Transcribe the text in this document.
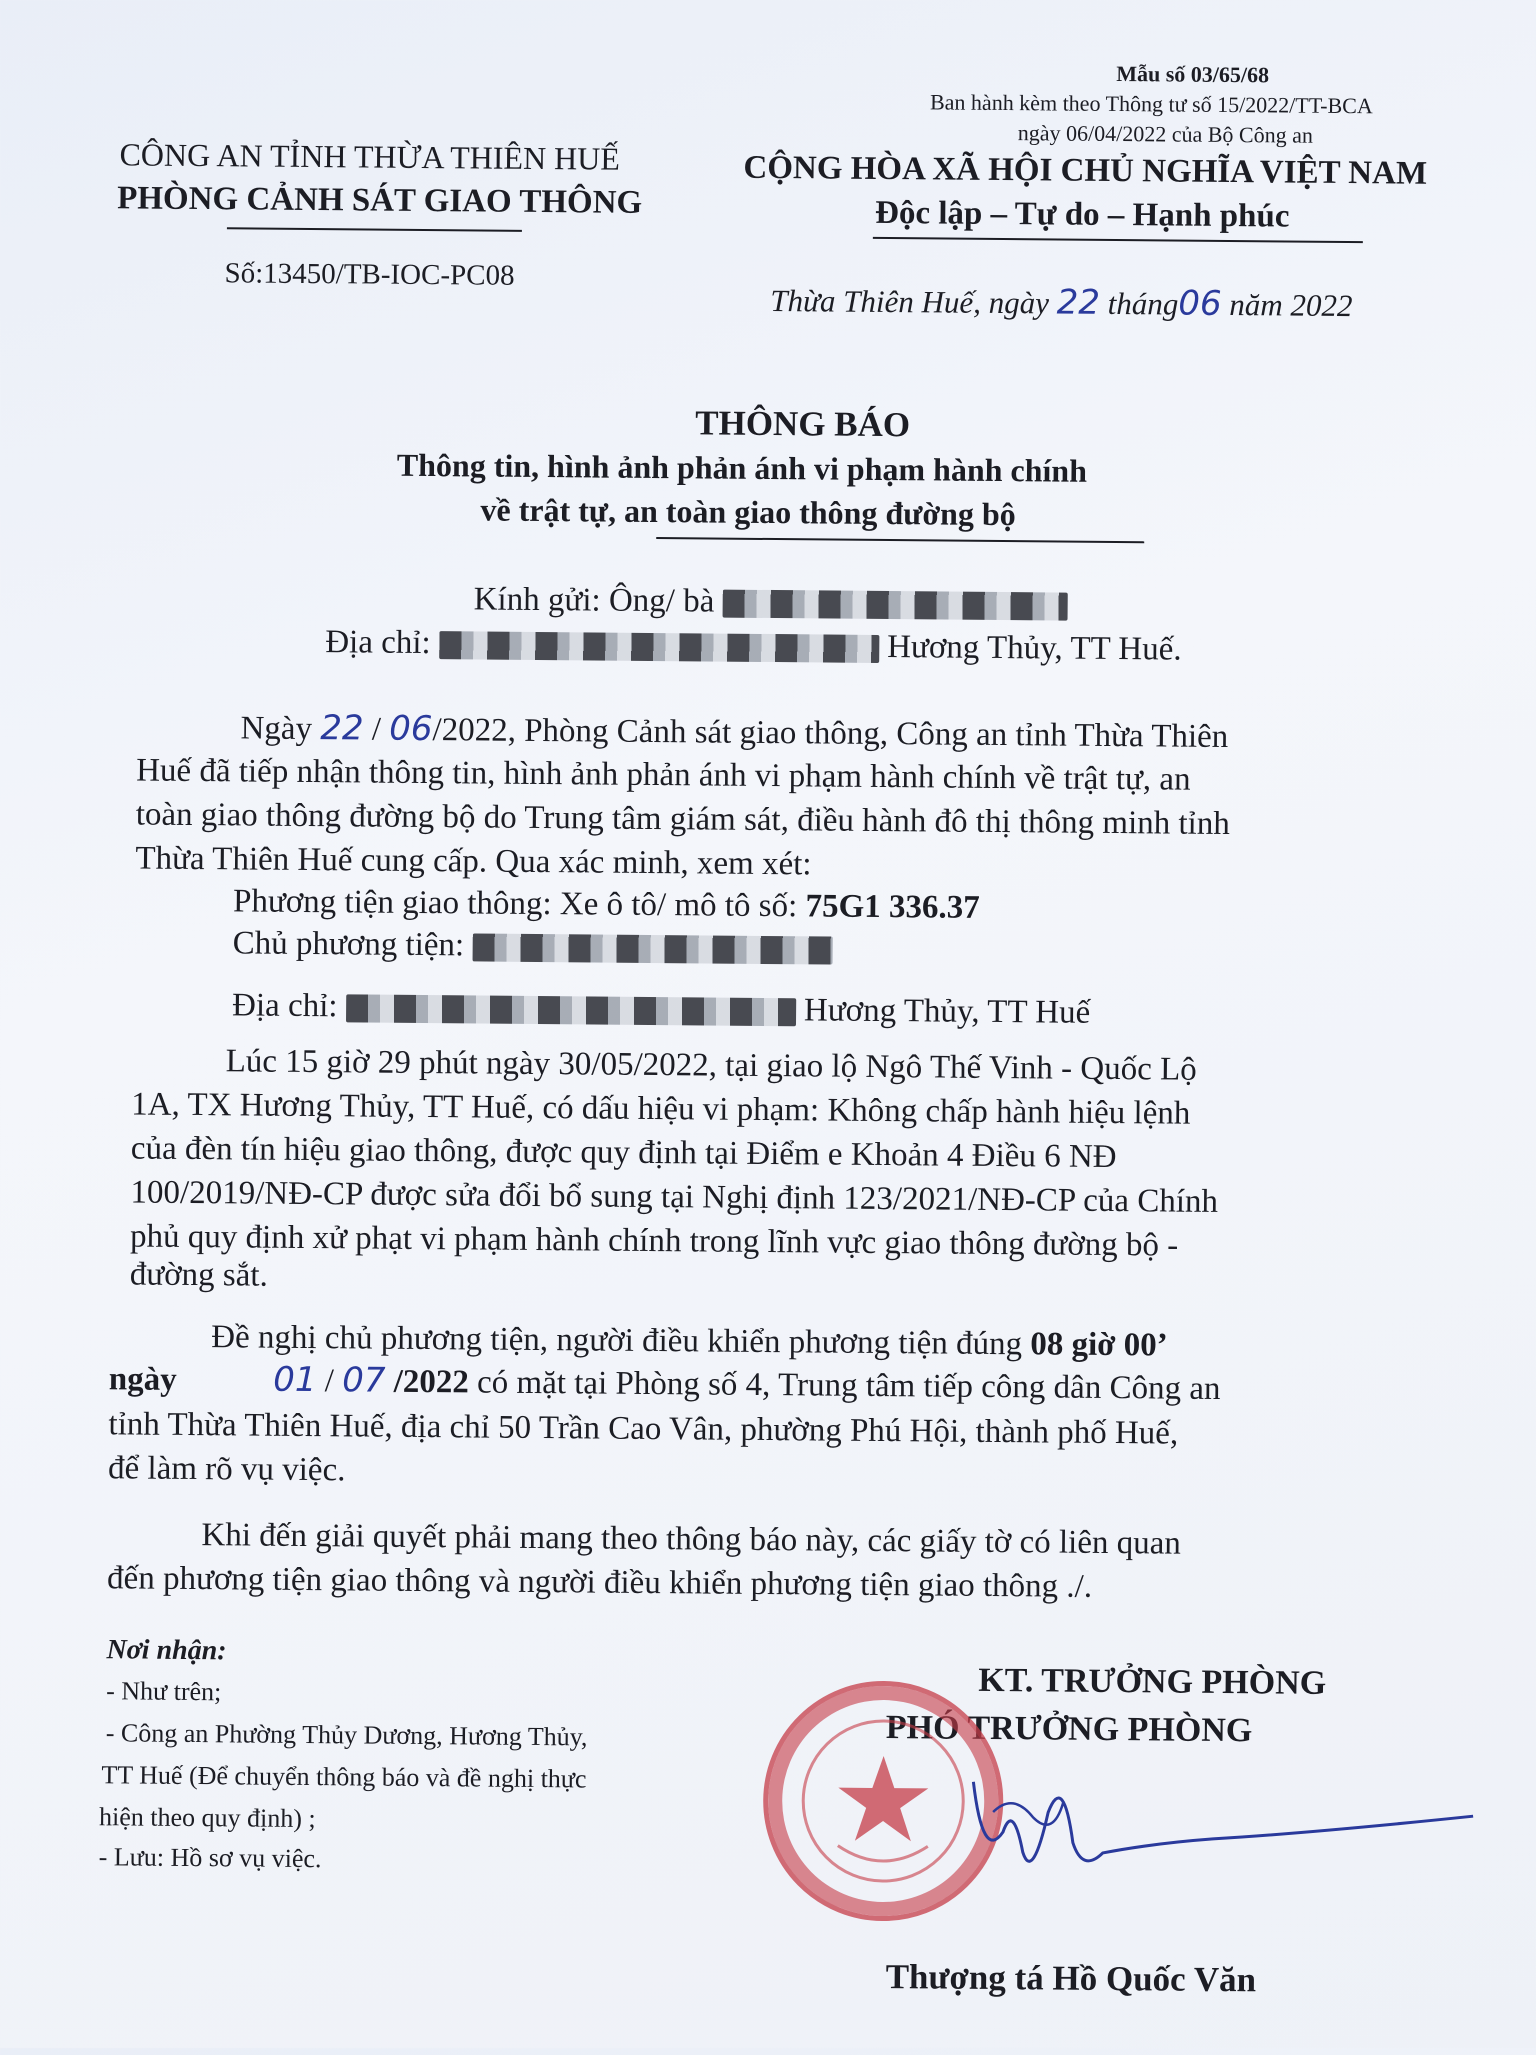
Mẫu số 03/65/68
Ban hành kèm theo Thông tư số 15/2022/TT-BCA
ngày 06/04/2022 của Bộ Công an
CÔNG AN TỈNH THỪA THIÊN HUẾ
PHÒNG CẢNH SÁT GIAO THÔNG
Số:13450/TB-IOC-PC08
CỘNG HÒA XÃ HỘI CHỦ NGHĨA VIỆT NAM
Độc lập – Tự do – Hạnh phúc
Thừa Thiên Huế, ngày 22 tháng06 năm 2022
THÔNG BÁO
Thông tin, hình ảnh phản ánh vi phạm hành chính
về trật tự, an toàn giao thông đường bộ
Kính gửi: Ông/ bà
Địa chỉ:	Hương Thủy, TT Huế.
Ngày 22 / 06/2022, Phòng Cảnh sát giao thông, Công an tỉnh Thừa Thiên
Huế đã tiếp nhận thông tin, hình ảnh phản ánh vi phạm hành chính về trật tự, an
toàn giao thông đường bộ do Trung tâm giám sát, điều hành đô thị thông minh tỉnh
Thừa Thiên Huế cung cấp. Qua xác minh, xem xét:
Phương tiện giao thông: Xe ô tô/ mô tô số: 75G1 336.37
Chủ phương tiện:
Địa chỉ:	Hương Thủy, TT Huế
Lúc 15 giờ 29 phút ngày 30/05/2022, tại giao lộ Ngô Thế Vinh - Quốc Lộ
1A, TX Hương Thủy, TT Huế, có dấu hiệu vi phạm: Không chấp hành hiệu lệnh
của đèn tín hiệu giao thông, được quy định tại Điểm e Khoản 4 Điều 6 NĐ
100/2019/NĐ-CP được sửa đổi bổ sung tại Nghị định 123/2021/NĐ-CP của Chính
phủ quy định xử phạt vi phạm hành chính trong lĩnh vực giao thông đường bộ -
đường sắt.
Đề nghị chủ phương tiện, người điều khiển phương tiện đúng 08 giờ 00’
ngày	01 / 07 /2022 có mặt tại Phòng số 4, Trung tâm tiếp công dân Công an
tỉnh Thừa Thiên Huế, địa chỉ 50 Trần Cao Vân, phường Phú Hội, thành phố Huế,
để làm rõ vụ việc.
Khi đến giải quyết phải mang theo thông báo này, các giấy tờ có liên quan
đến phương tiện giao thông và người điều khiển phương tiện giao thông ./.
Nơi nhận:
- Như trên;
- Công an Phường Thủy Dương, Hương Thủy,
TT Huế (Để chuyển thông báo và đề nghị thực
hiện theo quy định) ;
- Lưu: Hồ sơ vụ việc.
KT. TRƯỞNG PHÒNG
PHÓ TRƯỞNG PHÒNG
Thượng tá Hồ Quốc Văn
